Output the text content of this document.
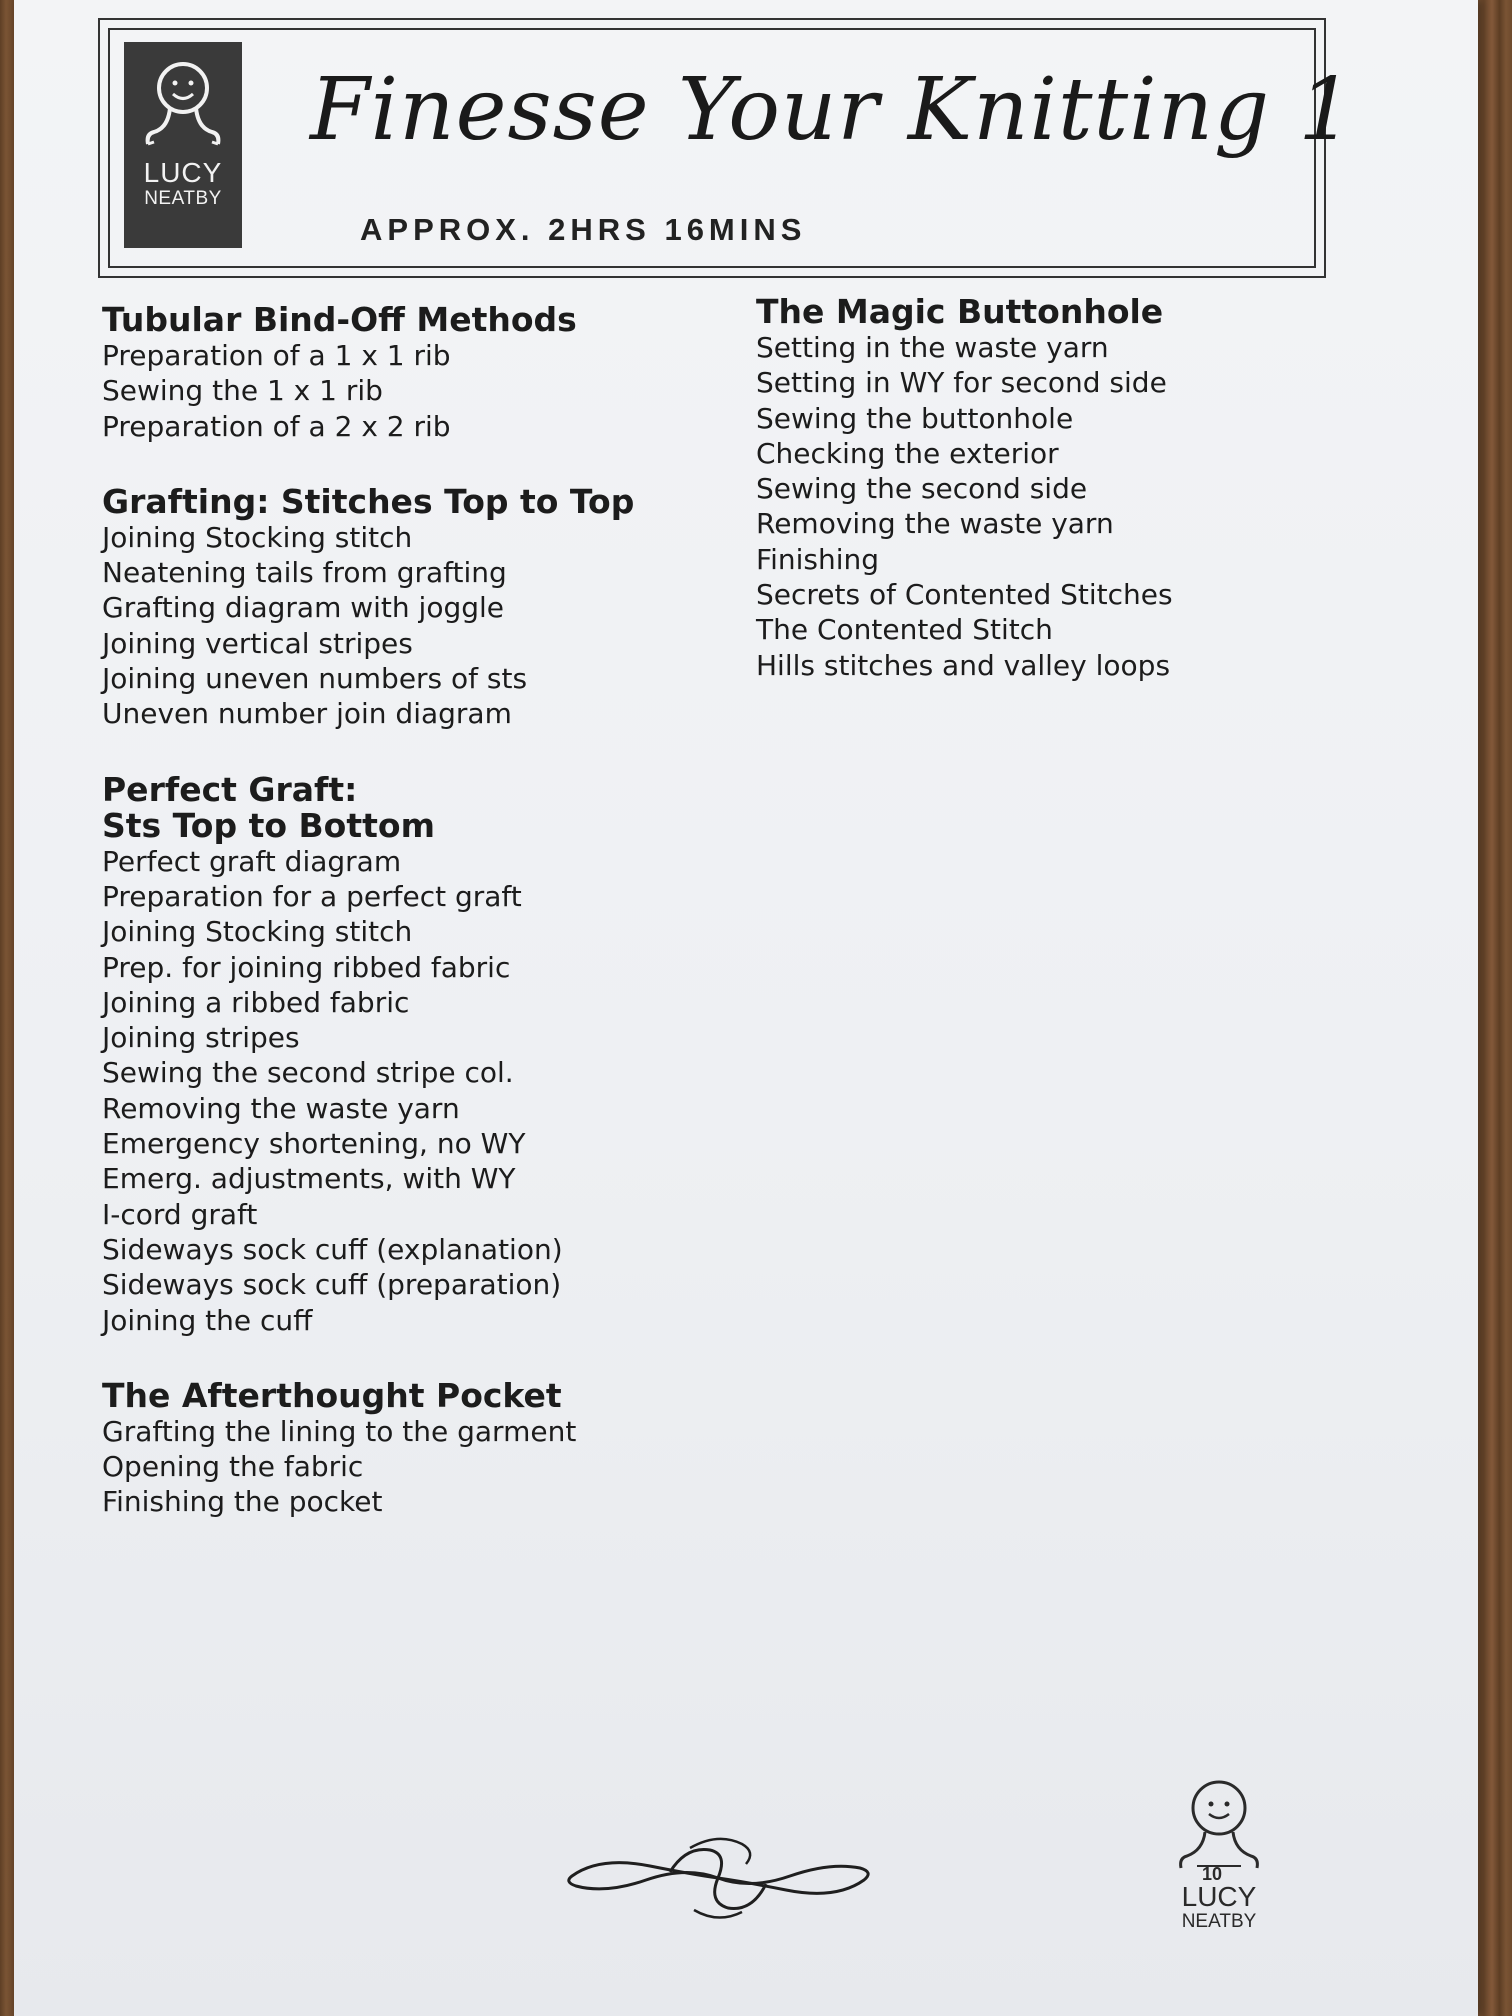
LUCY
NEATBY
Finesse Your Knitting 1
APPROX. 2HRS 16MINS
Tubular Bind-Off Methods
Preparation of a 1 x 1 rib
Sewing the 1 x 1 rib
Preparation of a 2 x 2 rib
Grafting: Stitches Top to Top
Joining Stocking stitch
Neatening tails from grafting
Grafting diagram with joggle
Joining vertical stripes
Joining uneven numbers of sts
Uneven number join diagram
Perfect Graft:
Sts Top to Bottom
Perfect graft diagram
Preparation for a perfect graft
Joining Stocking stitch
Prep. for joining ribbed fabric
Joining a ribbed fabric
Joining stripes
Sewing the second stripe col.
Removing the waste yarn
Emergency shortening, no WY
Emerg. adjustments, with WY
I-cord graft
Sideways sock cuff (explanation)
Sideways sock cuff (preparation)
Joining the cuff
The Afterthought Pocket
Grafting the lining to the garment
Opening the fabric
Finishing the pocket
The Magic Buttonhole
Setting in the waste yarn
Setting in WY for second side
Sewing the buttonhole
Checking the exterior
Sewing the second side
Removing the waste yarn
Finishing
Secrets of Contented Stitches
The Contented Stitch
Hills stitches and valley loops
10
LUCY
NEATBY
